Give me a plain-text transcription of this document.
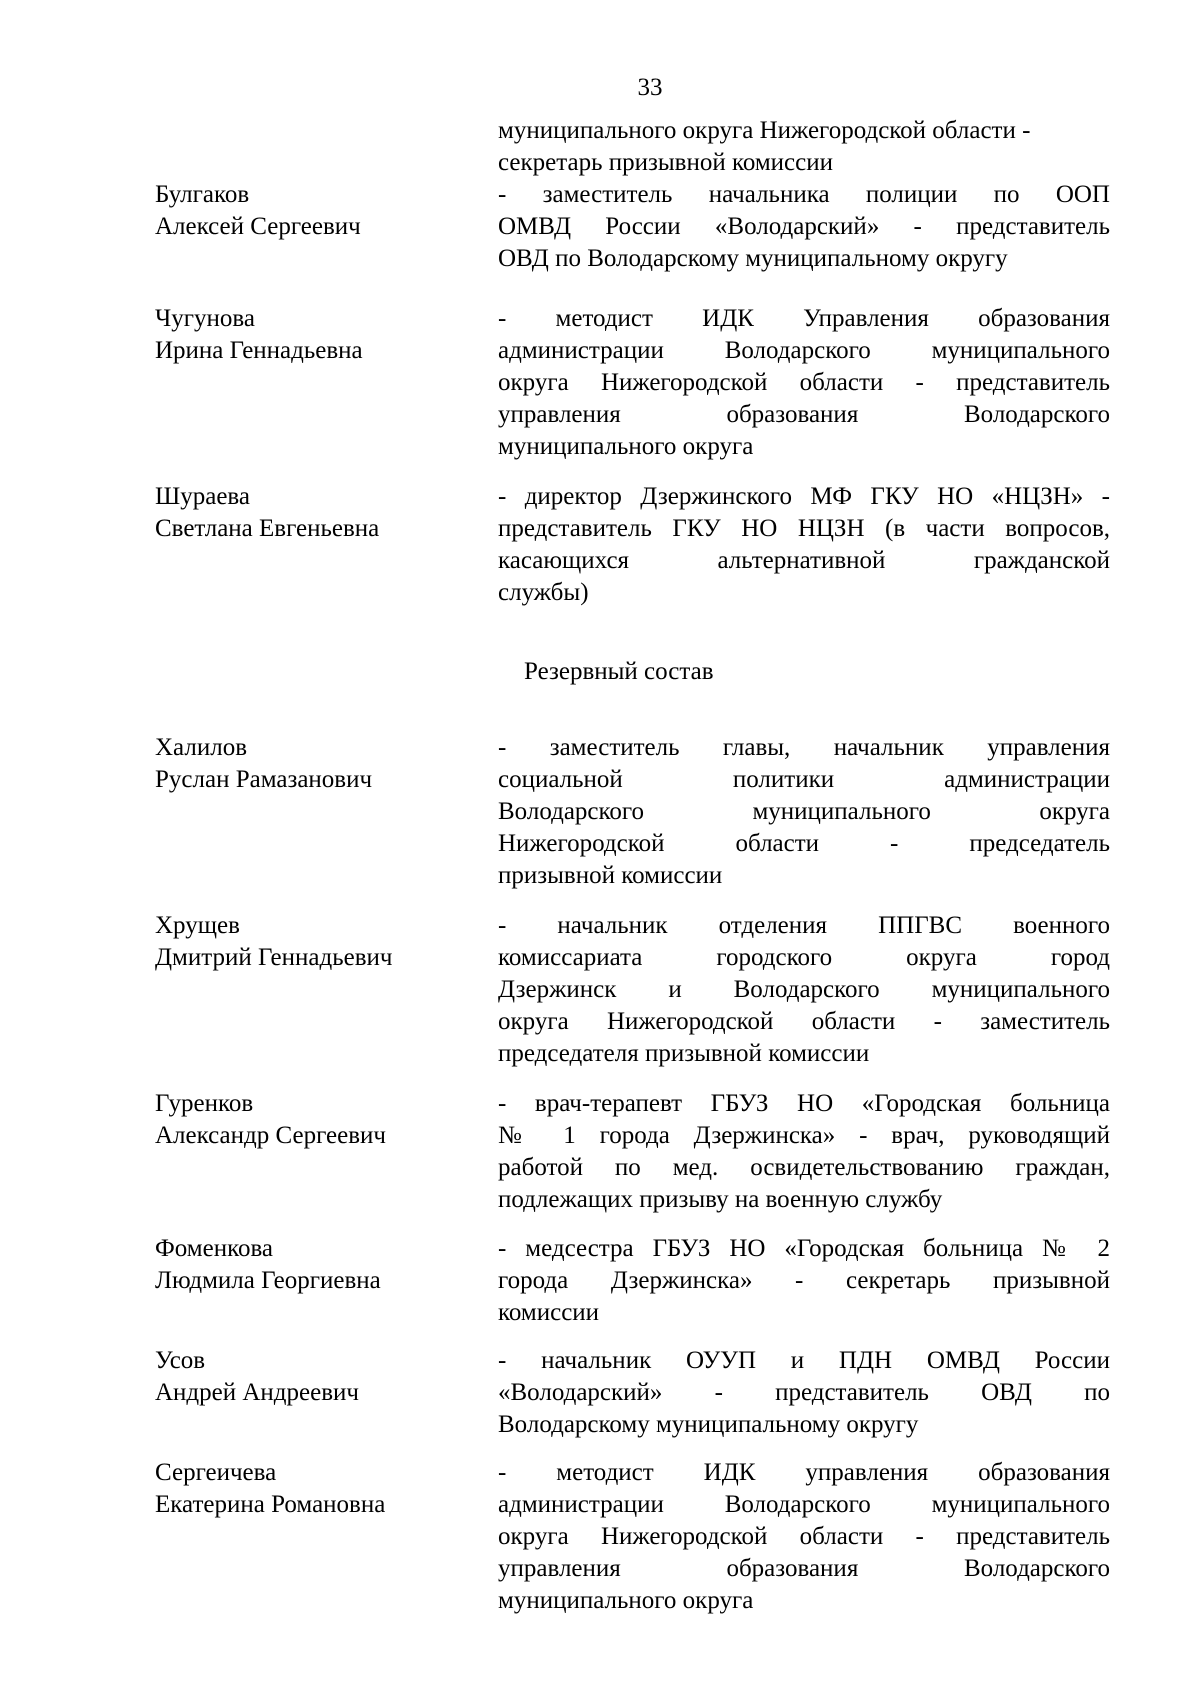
33
муниципального округа Нижегородской области -
секретарь призывной комиссии
Булгаков
Алексей Сергеевич
- заместитель начальника полиции по ООП
ОМВД России «Володарский» - представитель
ОВД по Володарскому муниципальному округу
Чугунова
Ирина Геннадьевна
- методист ИДК Управления образования
администрации Володарского муниципального
округа Нижегородской области - представитель
управления образования Володарского
муниципального округа
Шураева
Светлана Евгеньевна
- директор Дзержинского МФ ГКУ НО «НЦЗН» -
представитель ГКУ НО НЦЗН (в части вопросов,
касающихся альтернативной гражданской
службы)
Резервный состав
Халилов
Руслан Рамазанович
- заместитель главы, начальник управления
социальной политики администрации
Володарского муниципального округа
Нижегородской области - председатель
призывной комиссии
Хрущев
Дмитрий Геннадьевич
- начальник отделения ППГВС военного
комиссариата городского округа город
Дзержинск и Володарского муниципального
округа Нижегородской области - заместитель
председателя призывной комиссии
Гуренков
Александр Сергеевич
- врач-терапевт ГБУЗ НО «Городская больница
№ 1 города Дзержинска» - врач, руководящий
работой по мед. освидетельствованию граждан,
подлежащих призыву на военную службу
Фоменкова
Людмила Георгиевна
- медсестра ГБУЗ НО «Городская больница № 2
города Дзержинска» - секретарь призывной
комиссии
Усов
Андрей Андреевич
- начальник ОУУП и ПДН ОМВД России
«Володарский» - представитель ОВД по
Володарскому муниципальному округу
Сергеичева
Екатерина Романовна
- методист ИДК управления образования
администрации Володарского муниципального
округа Нижегородской области - представитель
управления образования Володарского
муниципального округа
